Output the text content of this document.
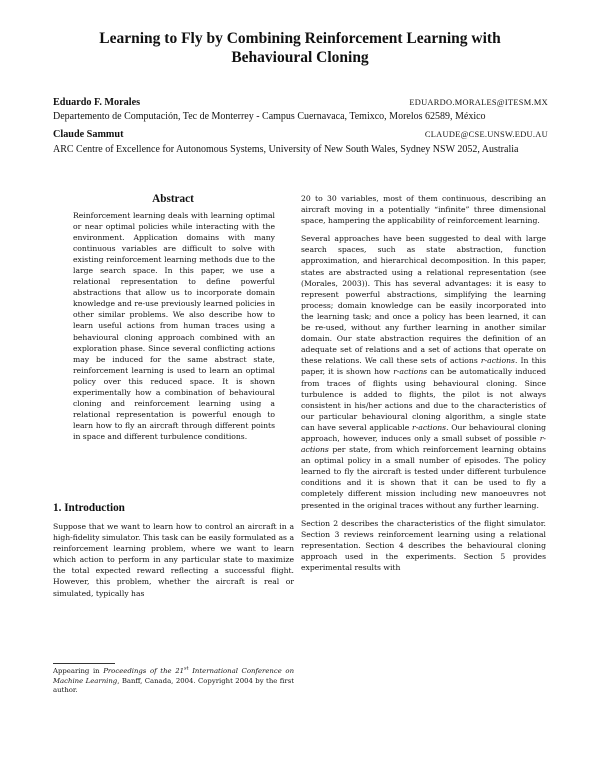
Learning to Fly by Combining Reinforcement Learning with Behavioural Cloning
Eduardo F. Morales	EDUARDO.MORALES@ITESM.MX

Departemento de Computación, Tec de Monterrey - Campus Cuernavaca, Temixco, Morelos 62589, México

Claude Sammut	CLAUDE@CSE.UNSW.EDU.AU

ARC Centre of Excellence for Autonomous Systems, University of New South Wales, Sydney NSW 2052, Australia

Abstract

Reinforcement learning deals with learning optimal or near optimal policies while interacting with the environment. Application domains with many continuous variables are difficult to solve with existing reinforcement learning methods due to the large search space. In this paper, we use a relational representation to define powerful abstractions that allow us to incorporate domain knowledge and re-use previously learned policies in other similar problems. We also describe how to learn useful actions from human traces using a behavioural cloning approach combined with an exploration phase. Since several conflicting actions may be induced for the same abstract state, reinforcement learning is used to learn an optimal policy over this reduced space. It is shown experimentally how a combination of behavioural cloning and reinforcement learning using a relational representation is powerful enough to learn how to fly an aircraft through different points in space and different turbulence conditions.

1. Introduction

Suppose that we want to learn how to control an aircraft in a high-fidelity simulator. This task can be easily formulated as a reinforcement learning problem, where we want to learn which action to perform in any particular state to maximize the total expected reward reflecting a successful flight. However, this problem, whether the aircraft is real or simulated, typically has

Appearing in Proceedings of the 21st International Conference on Machine Learning, Banff, Canada, 2004. Copyright 2004 by the first author.

20 to 30 variables, most of them continuous, describing an aircraft moving in a potentially “infinite” three dimensional space, hampering the applicability of reinforcement learning.

Several approaches have been suggested to deal with large search spaces, such as state abstraction, function approximation, and hierarchical decomposition. In this paper, states are abstracted using a relational representation (see (Morales, 2003)). This has several advantages: it is easy to represent powerful abstractions, simplifying the learning process; domain knowledge can be easily incorporated into the learning task; and once a policy has been learned, it can be re-used, without any further learning in another similar domain. Our state abstraction requires the definition of an adequate set of relations and a set of actions that operate on these relations. We call these sets of actions r-actions. In this paper, it is shown how r-actions can be automatically induced from traces of flights using behavioural cloning. Since turbulence is added to flights, the pilot is not always consistent in his/her actions and due to the characteristics of our particular behavioural cloning algorithm, a single state can have several applicable r-actions. Our behavioural cloning approach, however, induces only a small subset of possible r-actions per state, from which reinforcement learning obtains an optimal policy in a small number of episodes. The policy learned to fly the aircraft is tested under different turbulence conditions and it is shown that it can be used to fly a completely different mission including new manoeuvres not presented in the original traces without any further learning.

Section 2 describes the characteristics of the flight simulator. Section 3 reviews reinforcement learning using a relational representation. Section 4 describes the behavioural cloning approach used in the experiments. Section 5 provides experimental results with
